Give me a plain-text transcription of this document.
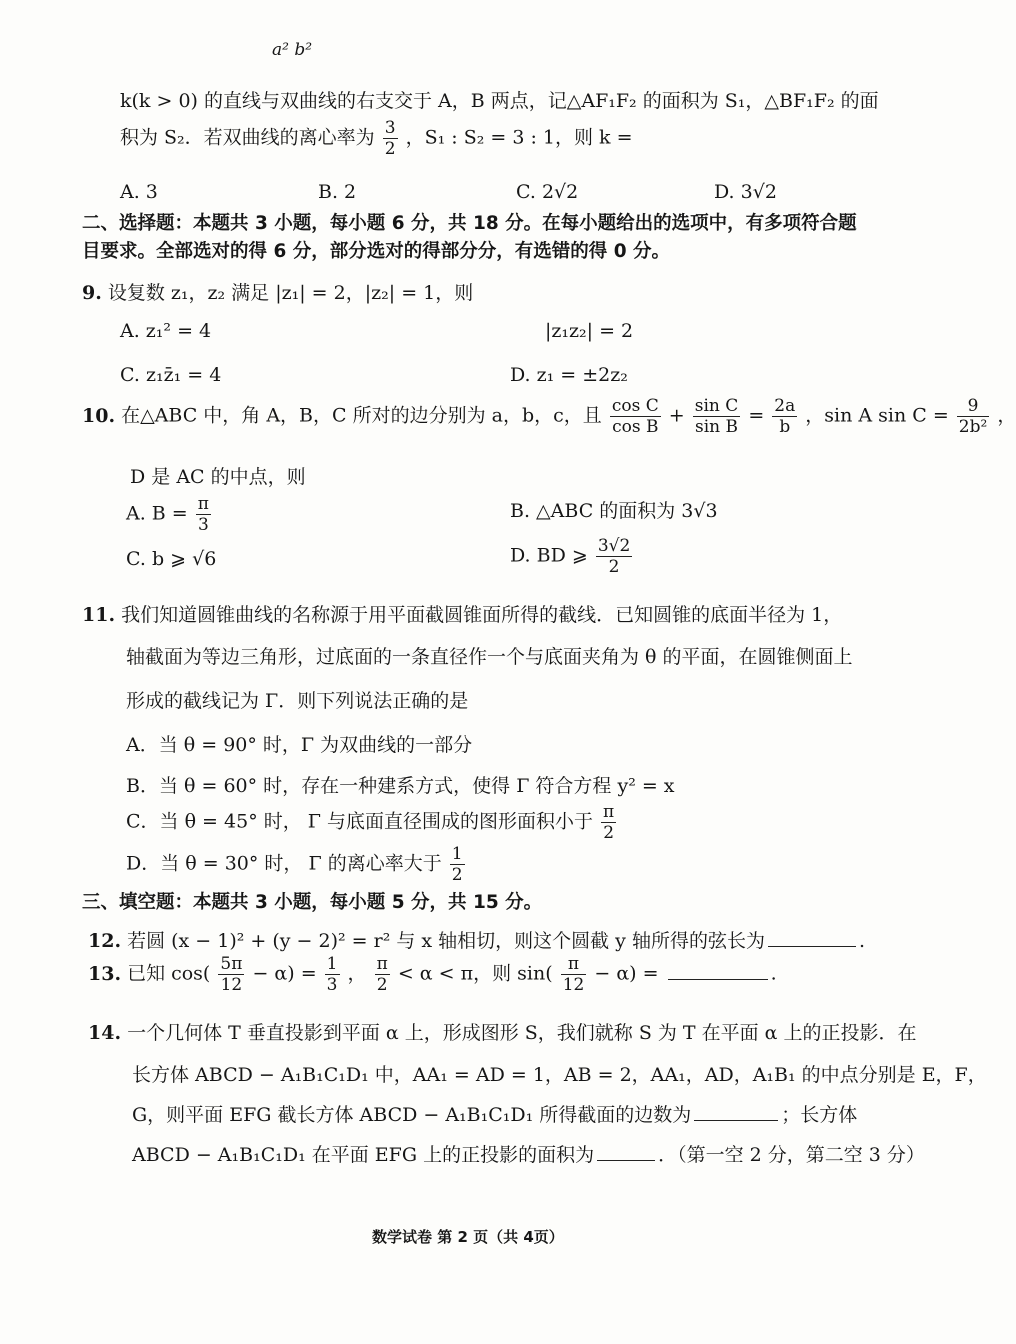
a² b²
k(k > 0) 的直线与双曲线的右支交于 A，B 两点，记△AF₁F₂ 的面积为 S₁，△BF₁F₂ 的面
积为 S₂．若双曲线的离心率为 $\frac{3}{2}$ ，S₁ : S₂ = 3 : 1，则 k =
A. 3	B. 2	C. 2√2	D. 3√2
二、选择题：本题共 3 小题，每小题 6 分，共 18 分。在每小题给出的选项中，有多项符合题
目要求。全部选对的得 6 分，部分选对的得部分分，有选错的得 0 分。
9. 设复数 z₁，z₂ 满足 |z₁| = 2，|z₂| = 1，则
A. z₁² = 4	|z₁z₂| = 2
C. z₁z̄₁ = 4	D. z₁ = ±2z₂
10. 在△ABC 中，角 A，B，C 所对的边分别为 a，b，c，且 $\frac{\text{cos C}}{\text{cos B}} + \frac{\text{sin C}}{\text{sin B}} = \frac{2a}{b}$ ，sin A $\sin C = \frac{9}{\text{2b²}}$ ，
D 是 AC 的中点，则
A. $B = \frac{\pi}{3}$	B. △ABC 的面积为 3√3
C. b ⩾ √6	D. BD ⩾ $\frac{3√2}{2}$
11. 我们知道圆锥曲线的名称源于用平面截圆锥面所得的截线．已知圆锥的底面半径为 1，
轴截面为等边三角形，过底面的一条直径作一个与底面夹角为 θ 的平面，在圆锥侧面上
形成的截线记为 Γ．则下列说法正确的是
A．当 θ = 90° 时，Γ 为双曲线的一部分
B．当 θ = 60° 时，存在一种建系方式，使得 Γ 符合方程 y² = x
C．当 θ = 45° 时， Γ 与底面直径围成的图形面积小于 $\frac{\pi}{2}$
D．当 θ = 30° 时， Γ 的离心率大于 $\frac{1}{2}$
三、填空题：本题共 3 小题，每小题 5 分，共 15 分。
12. 若圆 (x − 1)² + (y − 2)² = r² 与 x 轴相切，则这个圆截 y 轴所得的弦长为	.
13. 已知 $\cos( \frac{5\pi}{12} - \alpha) = \frac{1}{3}$ ， $\frac{\pi}{2} < \alpha < \pi$，则 $\sin( \frac{\pi}{12} - \alpha)$ =	.
14. 一个几何体 T 垂直投影到平面 α 上，形成图形 S，我们就称 S 为 T 在平面 α 上的正投影．在
长方体 ABCD − A₁B₁C₁D₁ 中，AA₁ = AD = 1，AB = 2，AA₁，AD，A₁B₁ 的中点分别是 E，F，
G，则平面 EFG 截长方体 ABCD − A₁B₁C₁D₁ 所得截面的边数为	；长方体
ABCD − A₁B₁C₁D₁ 在平面 EFG 上的正投影的面积为	．（第一空 2 分，第二空 3 分）
数学试卷 第 2 页（共 4页）
